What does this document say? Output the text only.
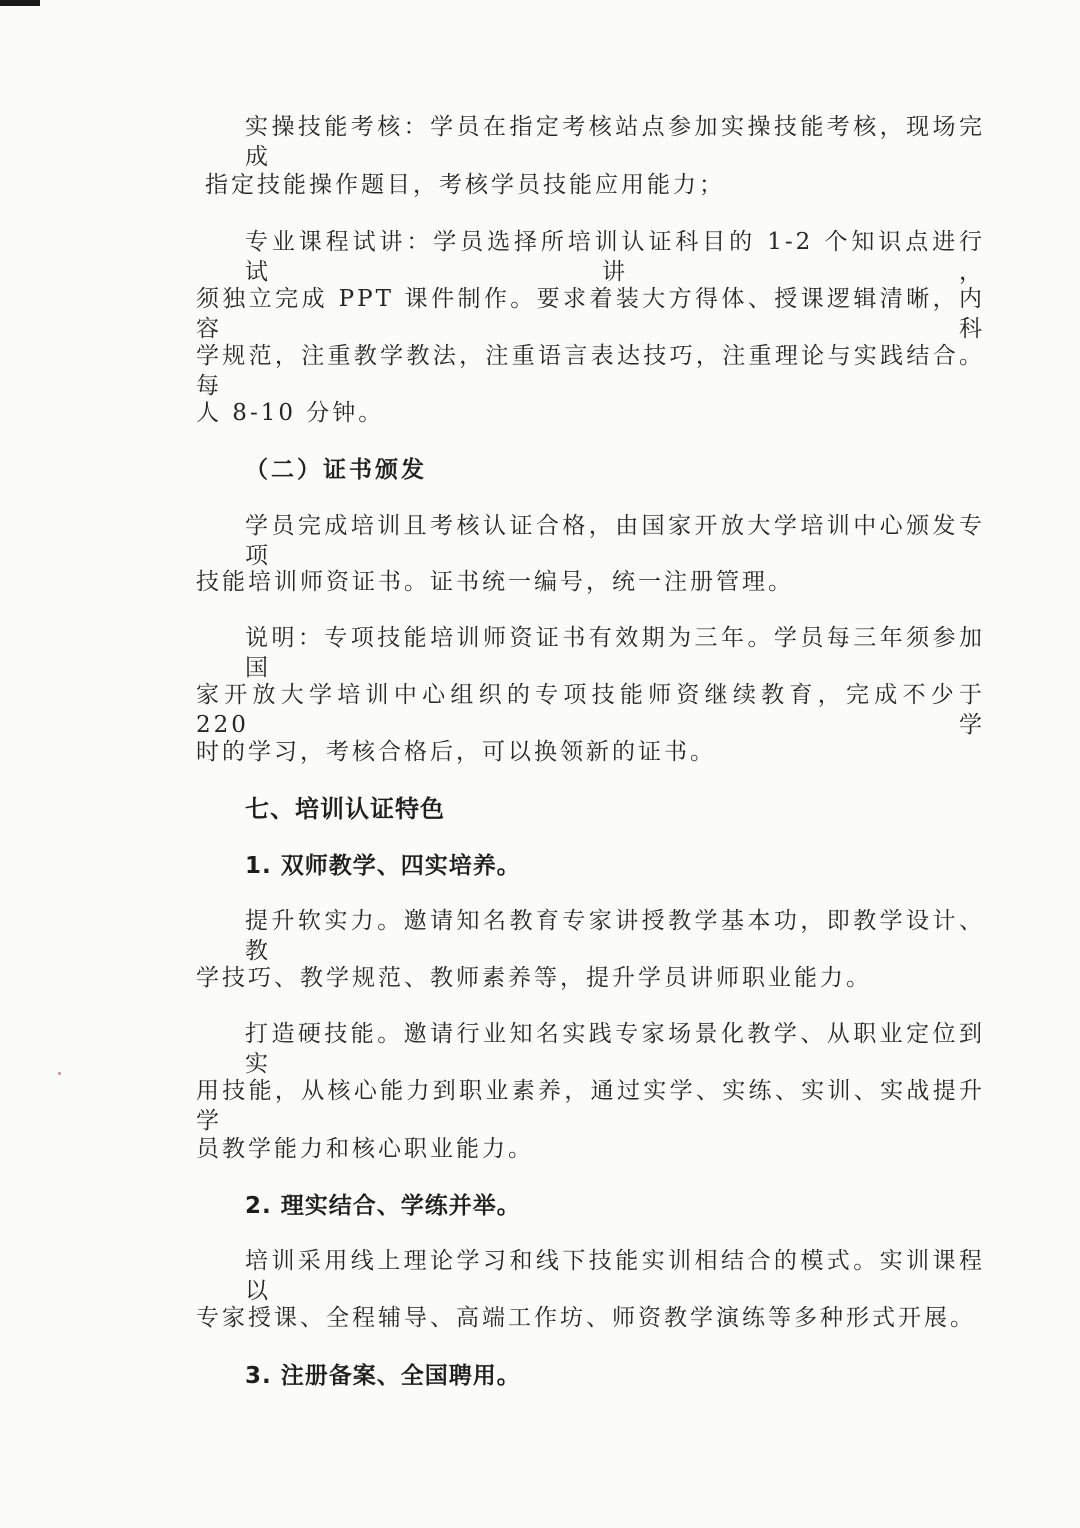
实操技能考核：学员在指定考核站点参加实操技能考核，现场完成
指定技能操作题目，考核学员技能应用能力；
专业课程试讲：学员选择所培训认证科目的 1-2 个知识点进行试讲，
须独立完成 PPT 课件制作。要求着装大方得体、授课逻辑清晰，内容科
学规范，注重教学教法，注重语言表达技巧，注重理论与实践结合。每
人 8-10 分钟。
（二）证书颁发
学员完成培训且考核认证合格，由国家开放大学培训中心颁发专项
技能培训师资证书。证书统一编号，统一注册管理。
说明：专项技能培训师资证书有效期为三年。学员每三年须参加国
家开放大学培训中心组织的专项技能师资继续教育，完成不少于 220 学
时的学习，考核合格后，可以换领新的证书。
七、培训认证特色
1. 双师教学、四实培养。
提升软实力。邀请知名教育专家讲授教学基本功，即教学设计、教
学技巧、教学规范、教师素养等，提升学员讲师职业能力。
打造硬技能。邀请行业知名实践专家场景化教学、从职业定位到实
用技能，从核心能力到职业素养，通过实学、实练、实训、实战提升学
员教学能力和核心职业能力。
2. 理实结合、学练并举。
培训采用线上理论学习和线下技能实训相结合的模式。实训课程以
专家授课、全程辅导、高端工作坊、师资教学演练等多种形式开展。
3. 注册备案、全国聘用。
